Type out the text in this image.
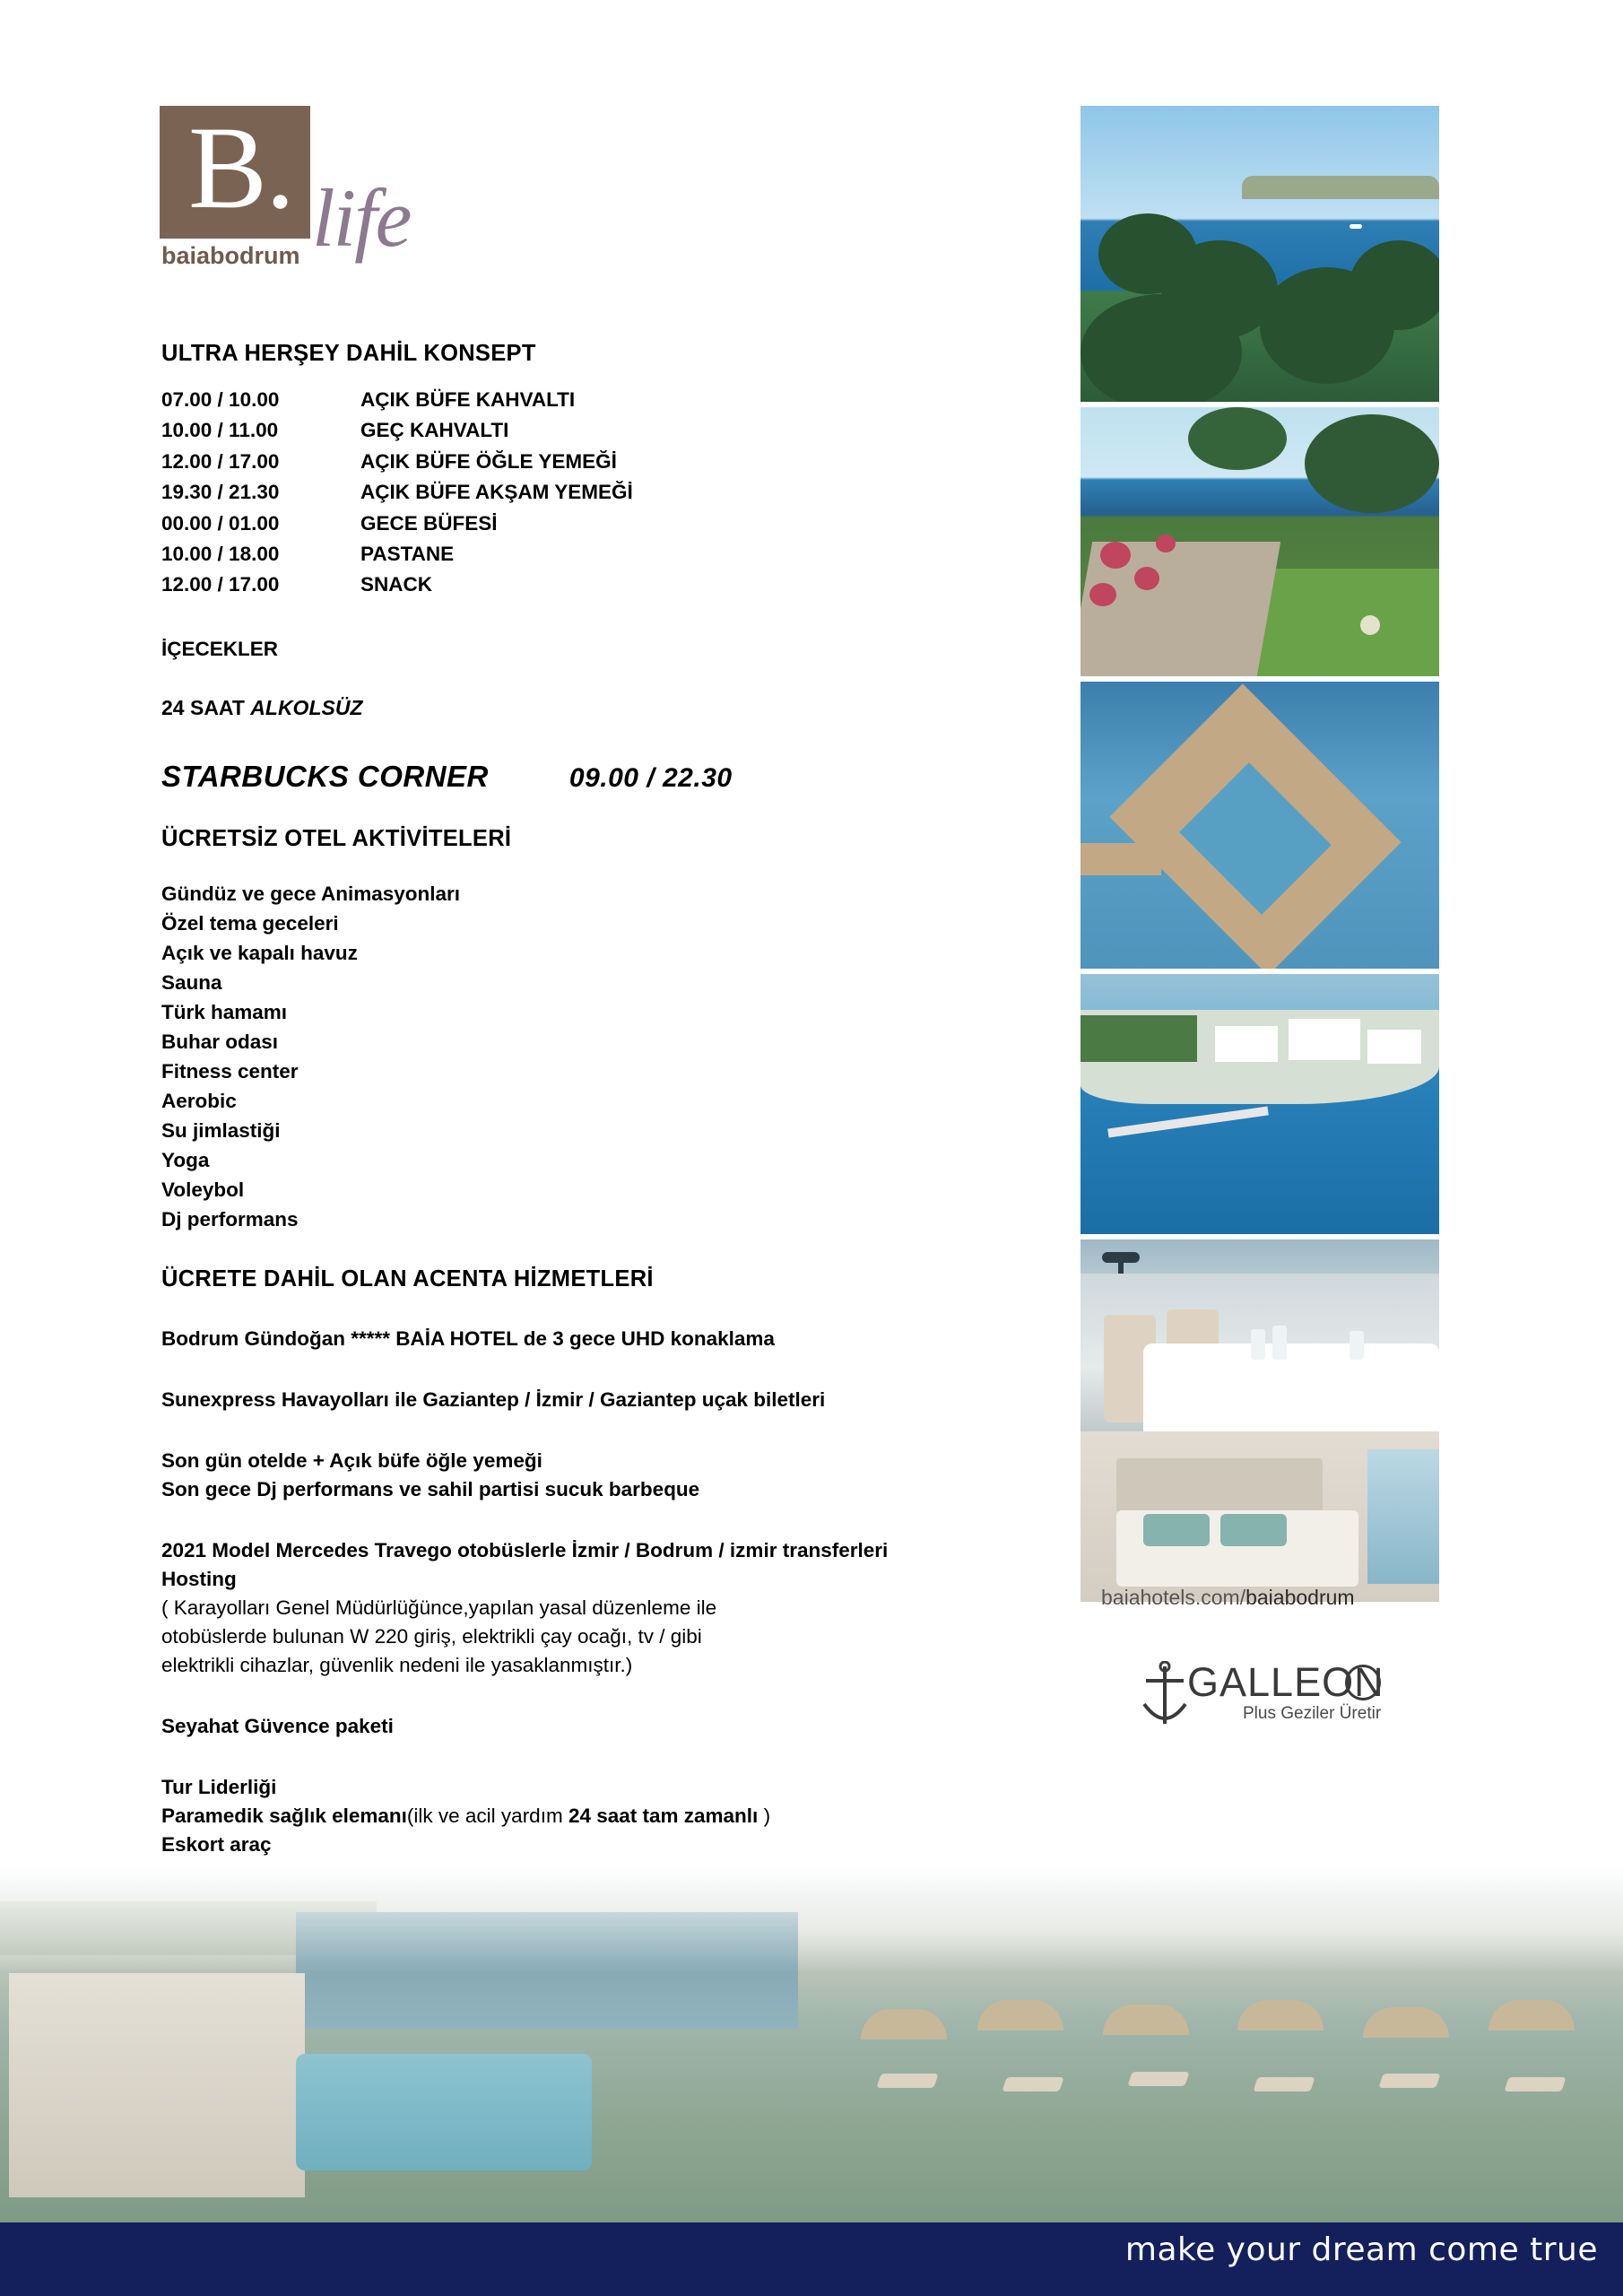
B. life
baiabodrum
ULTRA HERŞEY DAHİL KONSEPT
07.00 / 10.00	AÇIK BÜFE KAHVALTI
10.00 / 11.00	GEÇ KAHVALTI
12.00 / 17.00	AÇIK BÜFE ÖĞLE YEMEĞİ
19.30 / 21.30	AÇIK BÜFE AKŞAM YEMEĞİ
00.00 / 01.00	GECE BÜFESİ
10.00 / 18.00	PASTANE
12.00 / 17.00	SNACK
İÇECEKLER
24 SAAT ALKOLSÜZ
STARBUCKS CORNER	09.00 / 22.30
ÜCRETSİZ OTEL AKTİVİTELERİ
Gündüz ve gece Animasyonları
Özel tema geceleri
Açık ve kapalı havuz
Sauna
Türk hamamı
Buhar odası
Fitness center
Aerobic
Su jimlastiği
Yoga
Voleybol
Dj performans
ÜCRETE DAHİL OLAN ACENTA HİZMETLERİ
Bodrum Gündoğan ***** BAİA HOTEL de 3 gece UHD konaklama
Sunexpress Havayolları ile Gaziantep / İzmir / Gaziantep uçak biletleri
Son gün otelde + Açık büfe öğle yemeği
Son gece Dj performans ve sahil partisi sucuk barbeque
2021 Model Mercedes Travego otobüslerle İzmir / Bodrum / izmir transferleri
Hosting
( Karayolları Genel Müdürlüğünce,yapılan yasal düzenleme ile
otobüslerde bulunan W 220 giriş, elektrikli çay ocağı, tv / gibi
elektrikli cihazlar, güvenlik nedeni ile yasaklanmıştır.)
Seyahat Güvence paketi
Tur Liderliği
Paramedik sağlık elemanı(ilk ve acil yardım 24 saat tam zamanlı )
Eskort araç
baiahotels.com/baiabodrum
GALLEON
Plus Geziler Üretir
make your dream come true
